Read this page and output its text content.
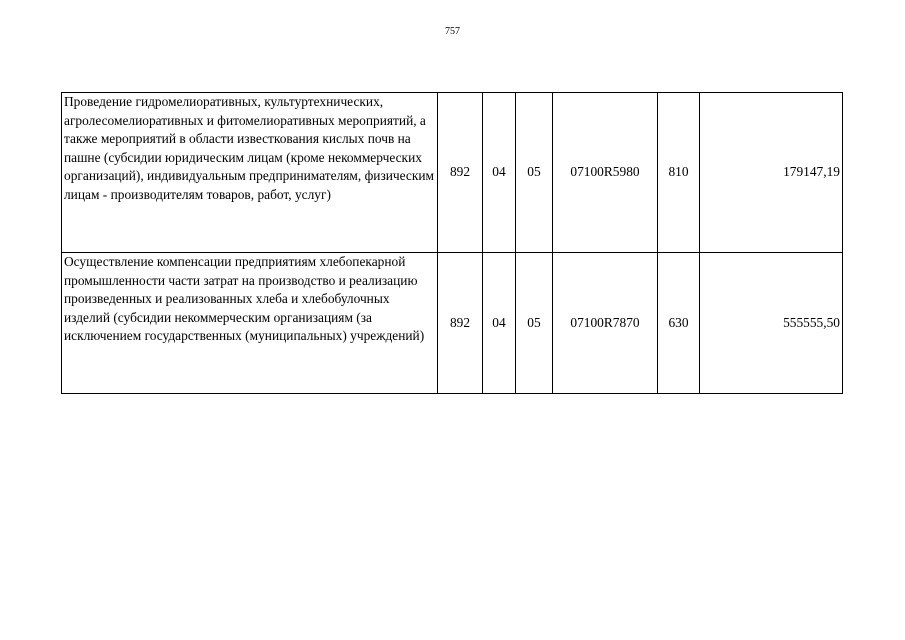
757
Проведение гидромелиоративных, культуртехнических, агролесомелиоративных и фитомелиоративных мероприятий, а также мероприятий в области известкования кислых почв на пашне (субсидии юридическим лицам (кроме некоммерческих организаций), индивидуальным предпринимателям, физическим лицам - производителям товаров, работ, услуг)	892	04	05	07100R5980	810	179147,19
Осуществление компенсации предприятиям хлебопекарной промышленности части затрат на производство и реализацию произведенных и реализованных хлеба и хлебобулочных изделий (субсидии некоммерческим организациям (за исключением государственных (муниципальных) учреждений)	892	04	05	07100R7870	630	555555,50
